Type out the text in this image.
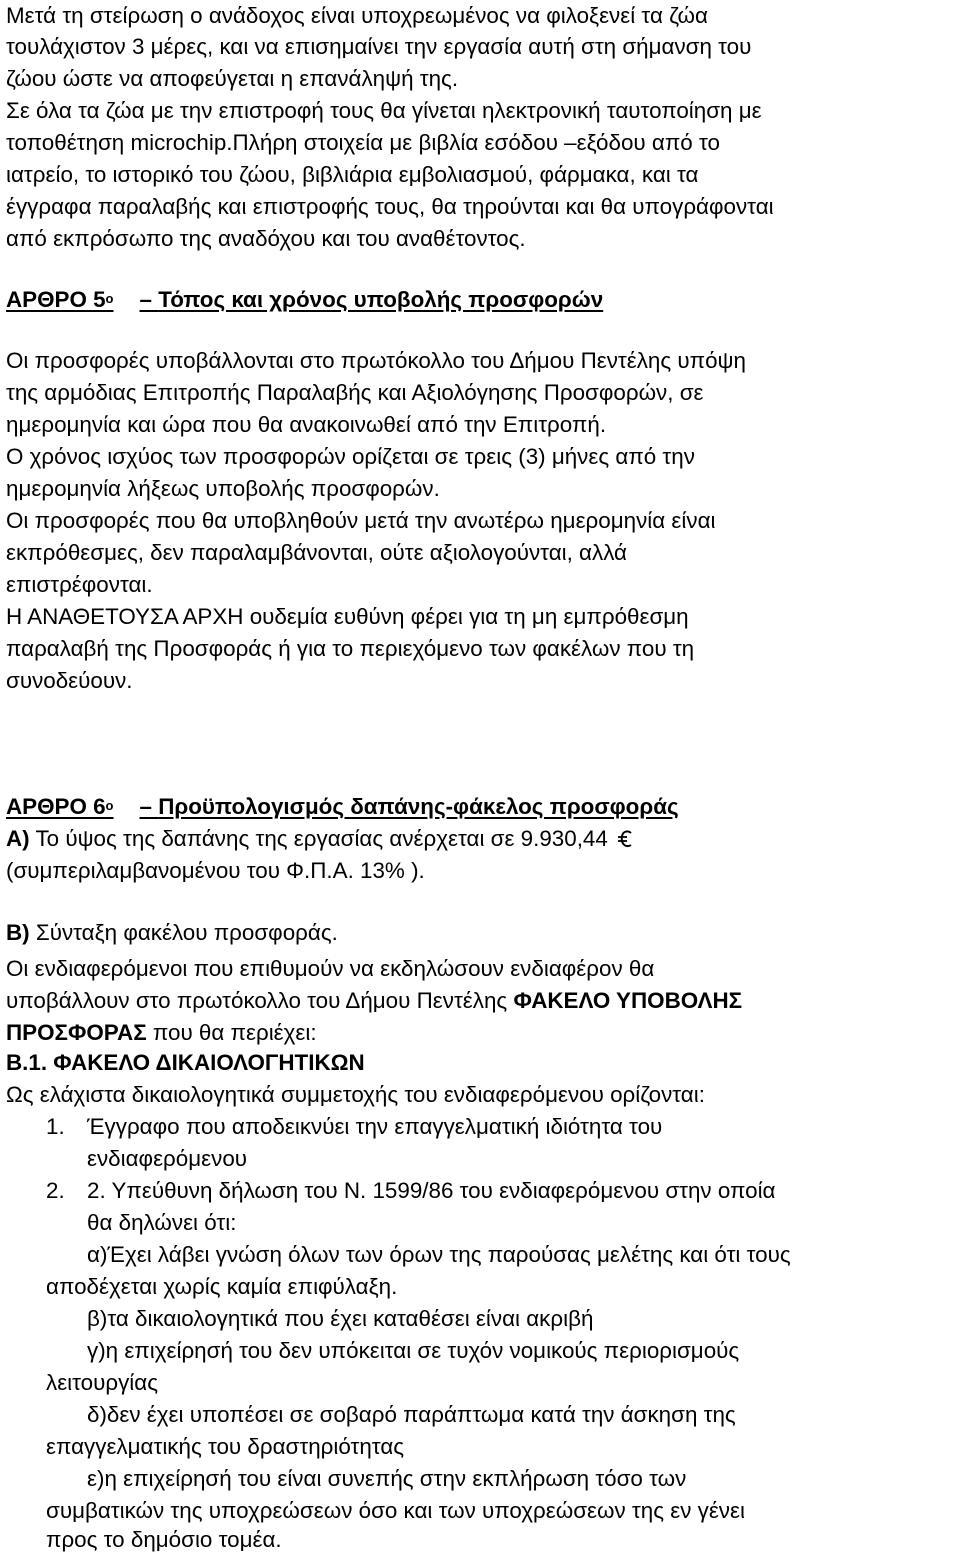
Μετά τη στείρωση ο ανάδοχος είναι υποχρεωμένος να φιλοξενεί τα ζώα
τουλάχιστον 3 μέρες, και να επισημαίνει την εργασία αυτή στη σήμανση του
ζώου ώστε να αποφεύγεται η επανάληψή της.
Σε όλα τα ζώα με την επιστροφή τους θα γίνεται ηλεκτρονική ταυτοποίηση με
τοποθέτηση microchip.Πλήρη στοιχεία με βιβλία εσόδου –εξόδου από το
ιατρείο, το ιστορικό του ζώου, βιβλιάρια εμβολιασμού, φάρμακα, και τα
έγγραφα παραλαβής και επιστροφής τους, θα τηρούνται και θα υπογράφονται
από εκπρόσωπο της αναδόχου και του αναθέτοντος.
ΑΡΘΡΟ $5^o$ – Τόπος και χρόνος υποβολής προσφορών
Οι προσφορές υποβάλλονται στο πρωτόκολλο του Δήμου Πεντέλης υπόψη
της αρμόδιας Επιτροπής Παραλαβής και Αξιολόγησης Προσφορών, σε
ημερομηνία και ώρα που θα ανακοινωθεί από την Επιτροπή.
Ο χρόνος ισχύος των προσφορών ορίζεται σε τρεις (3) μήνες από την
ημερομηνία λήξεως υποβολής προσφορών.
Οι προσφορές που θα υποβληθούν μετά την ανωτέρω ημερομηνία είναι
εκπρόθεσμες, δεν παραλαμβάνονται, ούτε αξιολογούνται, αλλά
επιστρέφονται.
Η ΑΝΑΘΕΤΟΥΣΑ ΑΡΧΗ ουδεμία ευθύνη φέρει για τη μη εμπρόθεσμη
παραλαβή της Προσφοράς ή για το περιεχόμενο των φακέλων που τη
συνοδεύουν.
ΑΡΘΡΟ $6^o$ – Προϋπολογισμός δαπάνης-φάκελος προσφοράς
Α) Το ύψος της δαπάνης της εργασίας ανέρχεται σε 9.930,44
(συμπεριλαμβανομένου του Φ.Π.Α. 13% ).
Β) Σύνταξη φακέλου προσφοράς.
Οι ενδιαφερόμενοι που επιθυμούν να εκδηλώσουν ενδιαφέρον θα
υποβάλλουν στο πρωτόκολλο του Δήμου Πεντέλης ΦΑΚΕΛΟ ΥΠΟΒΟΛΗΣ
ΠΡΟΣΦΟΡΑΣ που θα περιέχει:
Β.1. ΦΑΚΕΛΟ ΔΙΚΑΙΟΛΟΓΗΤΙΚΩΝ
Ως ελάχιστα δικαιολογητικά συμμετοχής του ενδιαφερόμενου ορίζονται:
1. Έγγραφο που αποδεικνύει την επαγγελματική ιδιότητα του
ενδιαφερόμενου
2. 2. Υπεύθυνη δήλωση του Ν. 1599/86 του ενδιαφερόμενου στην οποία
θα δηλώνει ότι:
α)Έχει λάβει γνώση όλων των όρων της παρούσας μελέτης και ότι τους
αποδέχεται χωρίς καμία επιφύλαξη.
β)τα δικαιολογητικά που έχει καταθέσει είναι ακριβή
γ)η επιχείρησή του δεν υπόκειται σε τυχόν νομικούς περιορισμούς
λειτουργίας
δ)δεν έχει υποπέσει σε σοβαρό παράπτωμα κατά την άσκηση της
επαγγελματικής του δραστηριότητας
ε)η επιχείρησή του είναι συνεπής στην εκπλήρωση τόσο των
συμβατικών της υποχρεώσεων όσο και των υποχρεώσεων της εν γένει
προς το δημόσιο τομέα.
